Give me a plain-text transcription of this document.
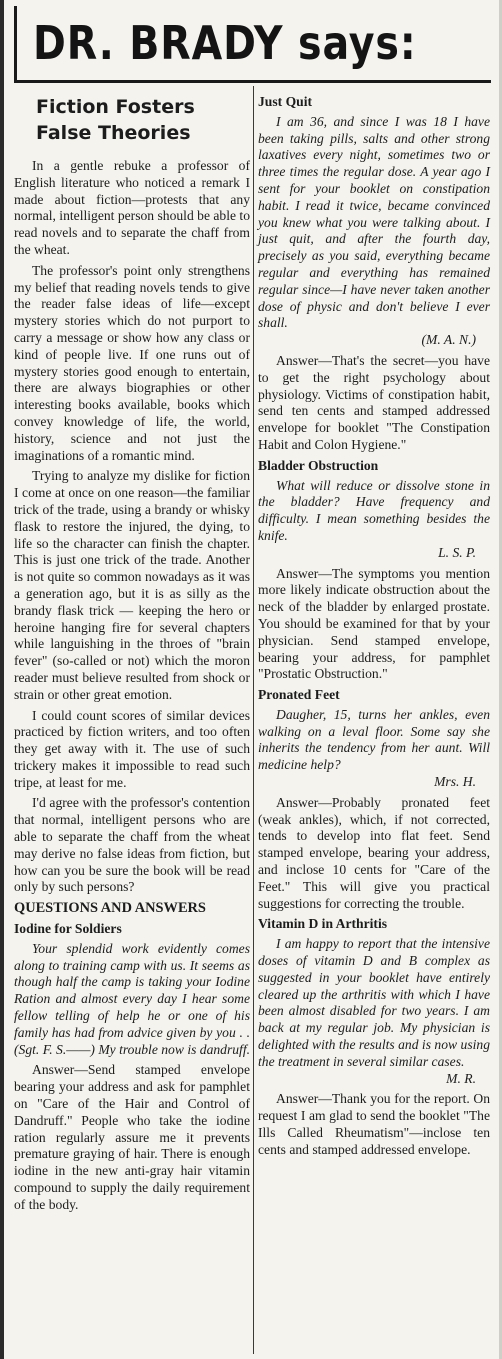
DR. BRADY says:
Fiction Fosters
False Theories

In a gentle rebuke a professor of English literature who noticed a remark I made about fiction—protests that any normal, intelligent person should be able to read novels and to separate the chaff from the wheat.

The professor's point only strengthens my belief that reading novels tends to give the reader false ideas of life—except mystery stories which do not purport to carry a message or show how any class or kind of people live. If one runs out of mystery stories good enough to entertain, there are always biographies or other interesting books available, books which convey knowledge of life, the world, history, science and not just the imaginations of a romantic mind.

Trying to analyze my dislike for fiction I come at once on one reason—the familiar trick of the trade, using a brandy or whisky flask to restore the injured, the dying, to life so the character can finish the chapter. This is just one trick of the trade. Another is not quite so common nowadays as it was a generation ago, but it is as silly as the brandy flask trick — keeping the hero or heroine hanging fire for several chapters while languishing in the throes of "brain fever" (so-called or not) which the moron reader must believe resulted from shock or strain or other great emotion.

I could count scores of similar devices practiced by fiction writers, and too often they get away with it. The use of such trickery makes it impossible to read such tripe, at least for me.

I'd agree with the professor's contention that normal, intelligent persons who are able to separate the chaff from the wheat may derive no false ideas from fiction, but how can you be sure the book will be read only by such persons?

QUESTIONS AND ANSWERS
Iodine for Soldiers

Your splendid work evidently comes along to training camp with us. It seems as though half the camp is taking your Iodine Ration and almost every day I hear some fellow telling of help he or one of his family has had from advice given by you . . (Sgt. F. S.——) My trouble now is dandruff.

Answer—Send stamped envelope bearing your address and ask for pamphlet on "Care of the Hair and Control of Dandruff." People who take the iodine ration regularly assure me it prevents premature graying of hair. There is enough iodine in the new anti-gray hair vitamin compound to supply the daily requirement of the body.

Just Quit

I am 36, and since I was 18 I have been taking pills, salts and other strong laxatives every night, sometimes two or three times the regular dose. A year ago I sent for your booklet on constipation habit. I read it twice, became convinced you knew what you were talking about. I just quit, and after the fourth day, precisely as you said, everything became regular and everything has remained regular since—I have never taken another dose of physic and don't believe I ever shall.
(M. A. N.)

Answer—That's the secret—you have to get the right psychology about physiology. Victims of constipation habit, send ten cents and stamped addressed envelope for booklet "The Constipation Habit and Colon Hygiene."

Bladder Obstruction

What will reduce or dissolve stone in the bladder? Have frequency and difficulty. I mean something besides the knife.
L. S. P.

Answer—The symptoms you mention more likely indicate obstruction about the neck of the bladder by enlarged prostate. You should be examined for that by your physician. Send stamped envelope, bearing your address, for pamphlet "Prostatic Obstruction."

Pronated Feet

Daugher, 15, turns her ankles, even walking on a leval floor. Some say she inherits the tendency from her aunt. Will medicine help?
Mrs. H.

Answer—Probably pronated feet (weak ankles), which, if not corrected, tends to develop into flat feet. Send stamped envelope, bearing your address, and inclose 10 cents for "Care of the Feet." This will give you practical suggestions for correcting the trouble.

Vitamin D in Arthritis

I am happy to report that the intensive doses of vitamin D and B complex as suggested in your booklet have entirely cleared up the arthritis with which I have been almost disabled for two years. I am back at my regular job. My physician is delighted with the results and is now using the treatment in several similar cases.
M. R.

Answer—Thank you for the report. On request I am glad to send the booklet "The Ills Called Rheumatism"—inclose ten cents and stamped addressed envelope.
